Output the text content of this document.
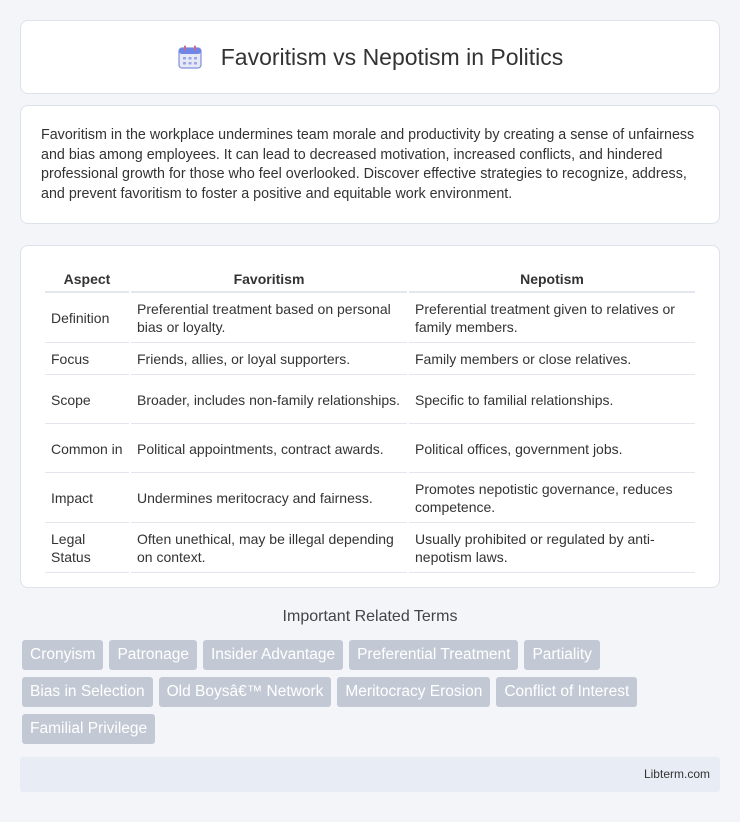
Favoritism vs Nepotism in Politics

Favoritism in the workplace undermines team morale and productivity by creating a sense of unfairness and bias among employees. It can lead to decreased motivation, increased conflicts, and hindered professional growth for those who feel overlooked. Discover effective strategies to recognize, address, and prevent favoritism to foster a positive and equitable work environment.

Aspect	Favoritism	Nepotism
Definition	Preferential treatment based on personal bias or loyalty.	Preferential treatment given to relatives or family members.
Focus	Friends, allies, or loyal supporters.	Family members or close relatives.
Scope	Broader, includes non-family relationships.	Specific to familial relationships.
Common in	Political appointments, contract awards.	Political offices, government jobs.
Impact	Undermines meritocracy and fairness.	Promotes nepotistic governance, reduces competence.
Legal Status	Often unethical, may be illegal depending on context.	Usually prohibited or regulated by anti-nepotism laws.
Important Related Terms
Cronyism	Patronage	Insider Advantage	Preferential Treatment	Partiality
Bias in Selection	Old Boysâ€™ Network	Meritocracy Erosion	Conflict of Interest
Familial Privilege
Libterm.com
